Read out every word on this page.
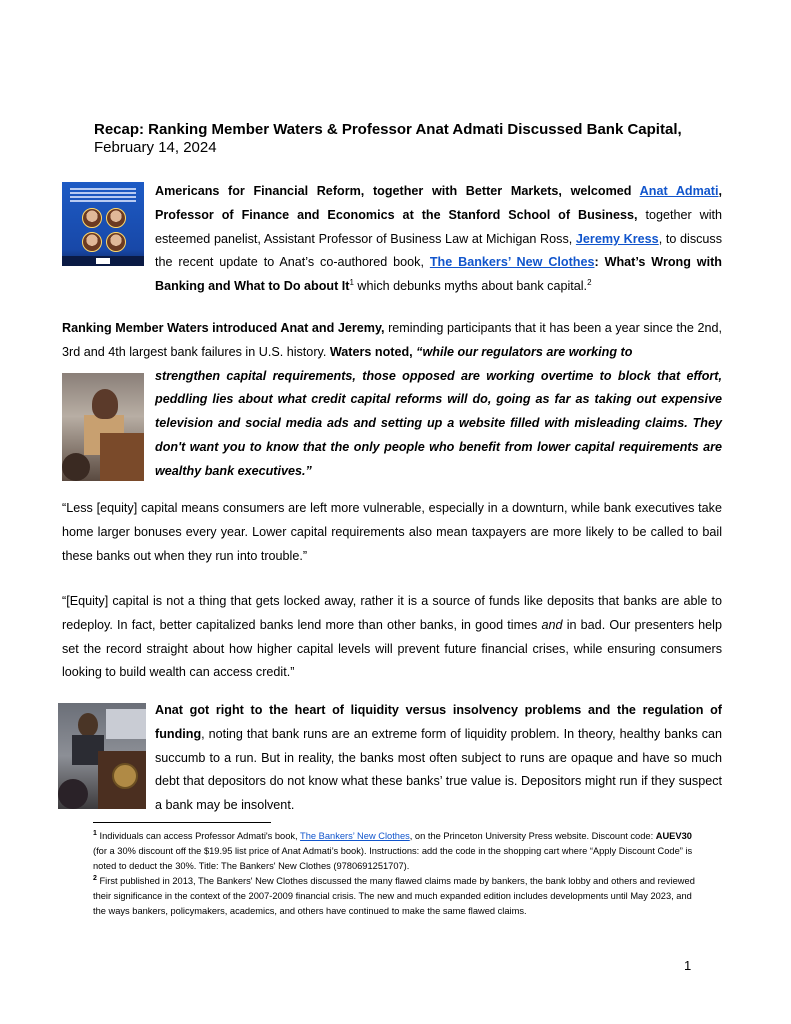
Recap: Ranking Member Waters & Professor Anat Admati Discussed Bank Capital,
February 14, 2024

Americans for Financial Reform, together with Better Markets, welcomed Anat Admati, Professor of Finance and Economics at the Stanford School of Business, together with esteemed panelist, Assistant Professor of Business Law at Michigan Ross, Jeremy Kress, to discuss the recent update to Anat’s co-authored book, The Bankers’ New Clothes: What’s Wrong with Banking and What to Do about It$^1$ which debunks myths about bank capital.$^2$

Ranking Member Waters introduced Anat and Jeremy, reminding participants that it has been a year since the 2nd, 3rd and 4th largest bank failures in U.S. history. Waters noted, “while our regulators are working to

strengthen capital requirements, those opposed are working overtime to block that effort, peddling lies about what credit capital reforms will do, going as far as taking out expensive television and social media ads and setting up a website filled with misleading claims. They don't want you to know that the only people who benefit from lower capital requirements are wealthy bank executives.”

“Less [equity] capital means consumers are left more vulnerable, especially in a downturn, while bank executives take home larger bonuses every year. Lower capital requirements also mean taxpayers are more likely to be called to bail these banks out when they run into trouble.”

“[Equity] capital is not a thing that gets locked away, rather it is a source of funds like deposits that banks are able to redeploy. In fact, better capitalized banks lend more than other banks, in good times and in bad. Our presenters help set the record straight about how higher capital levels will prevent future financial crises, while ensuring consumers looking to build wealth can access credit.”

Anat got right to the heart of liquidity versus insolvency problems and the regulation of funding, noting that bank runs are an extreme form of liquidity problem. In theory, healthy banks can succumb to a run. But in reality, the banks most often subject to runs are opaque and have so much debt that depositors do not know what these banks’ true value is. Depositors might run if they suspect a bank may be insolvent.

$^1$ Individuals can access Professor Admati's book, The Bankers’ New Clothes, on the Princeton University Press website. Discount code: AUEV30 (for a 30% discount off the $19.95 list price of Anat Admati’s book). Instructions: add the code in the shopping cart where “Apply Discount Code” is noted to deduct the 30%. Title: The Bankers' New Clothes (9780691251707).

$^2$ First published in 2013, The Bankers' New Clothes discussed the many flawed claims made by bankers, the bank lobby and others and reviewed their significance in the context of the 2007-2009 financial crisis. The new and much expanded edition includes developments until May 2023, and the ways bankers, policymakers, academics, and others have continued to make the same flawed claims.

1
